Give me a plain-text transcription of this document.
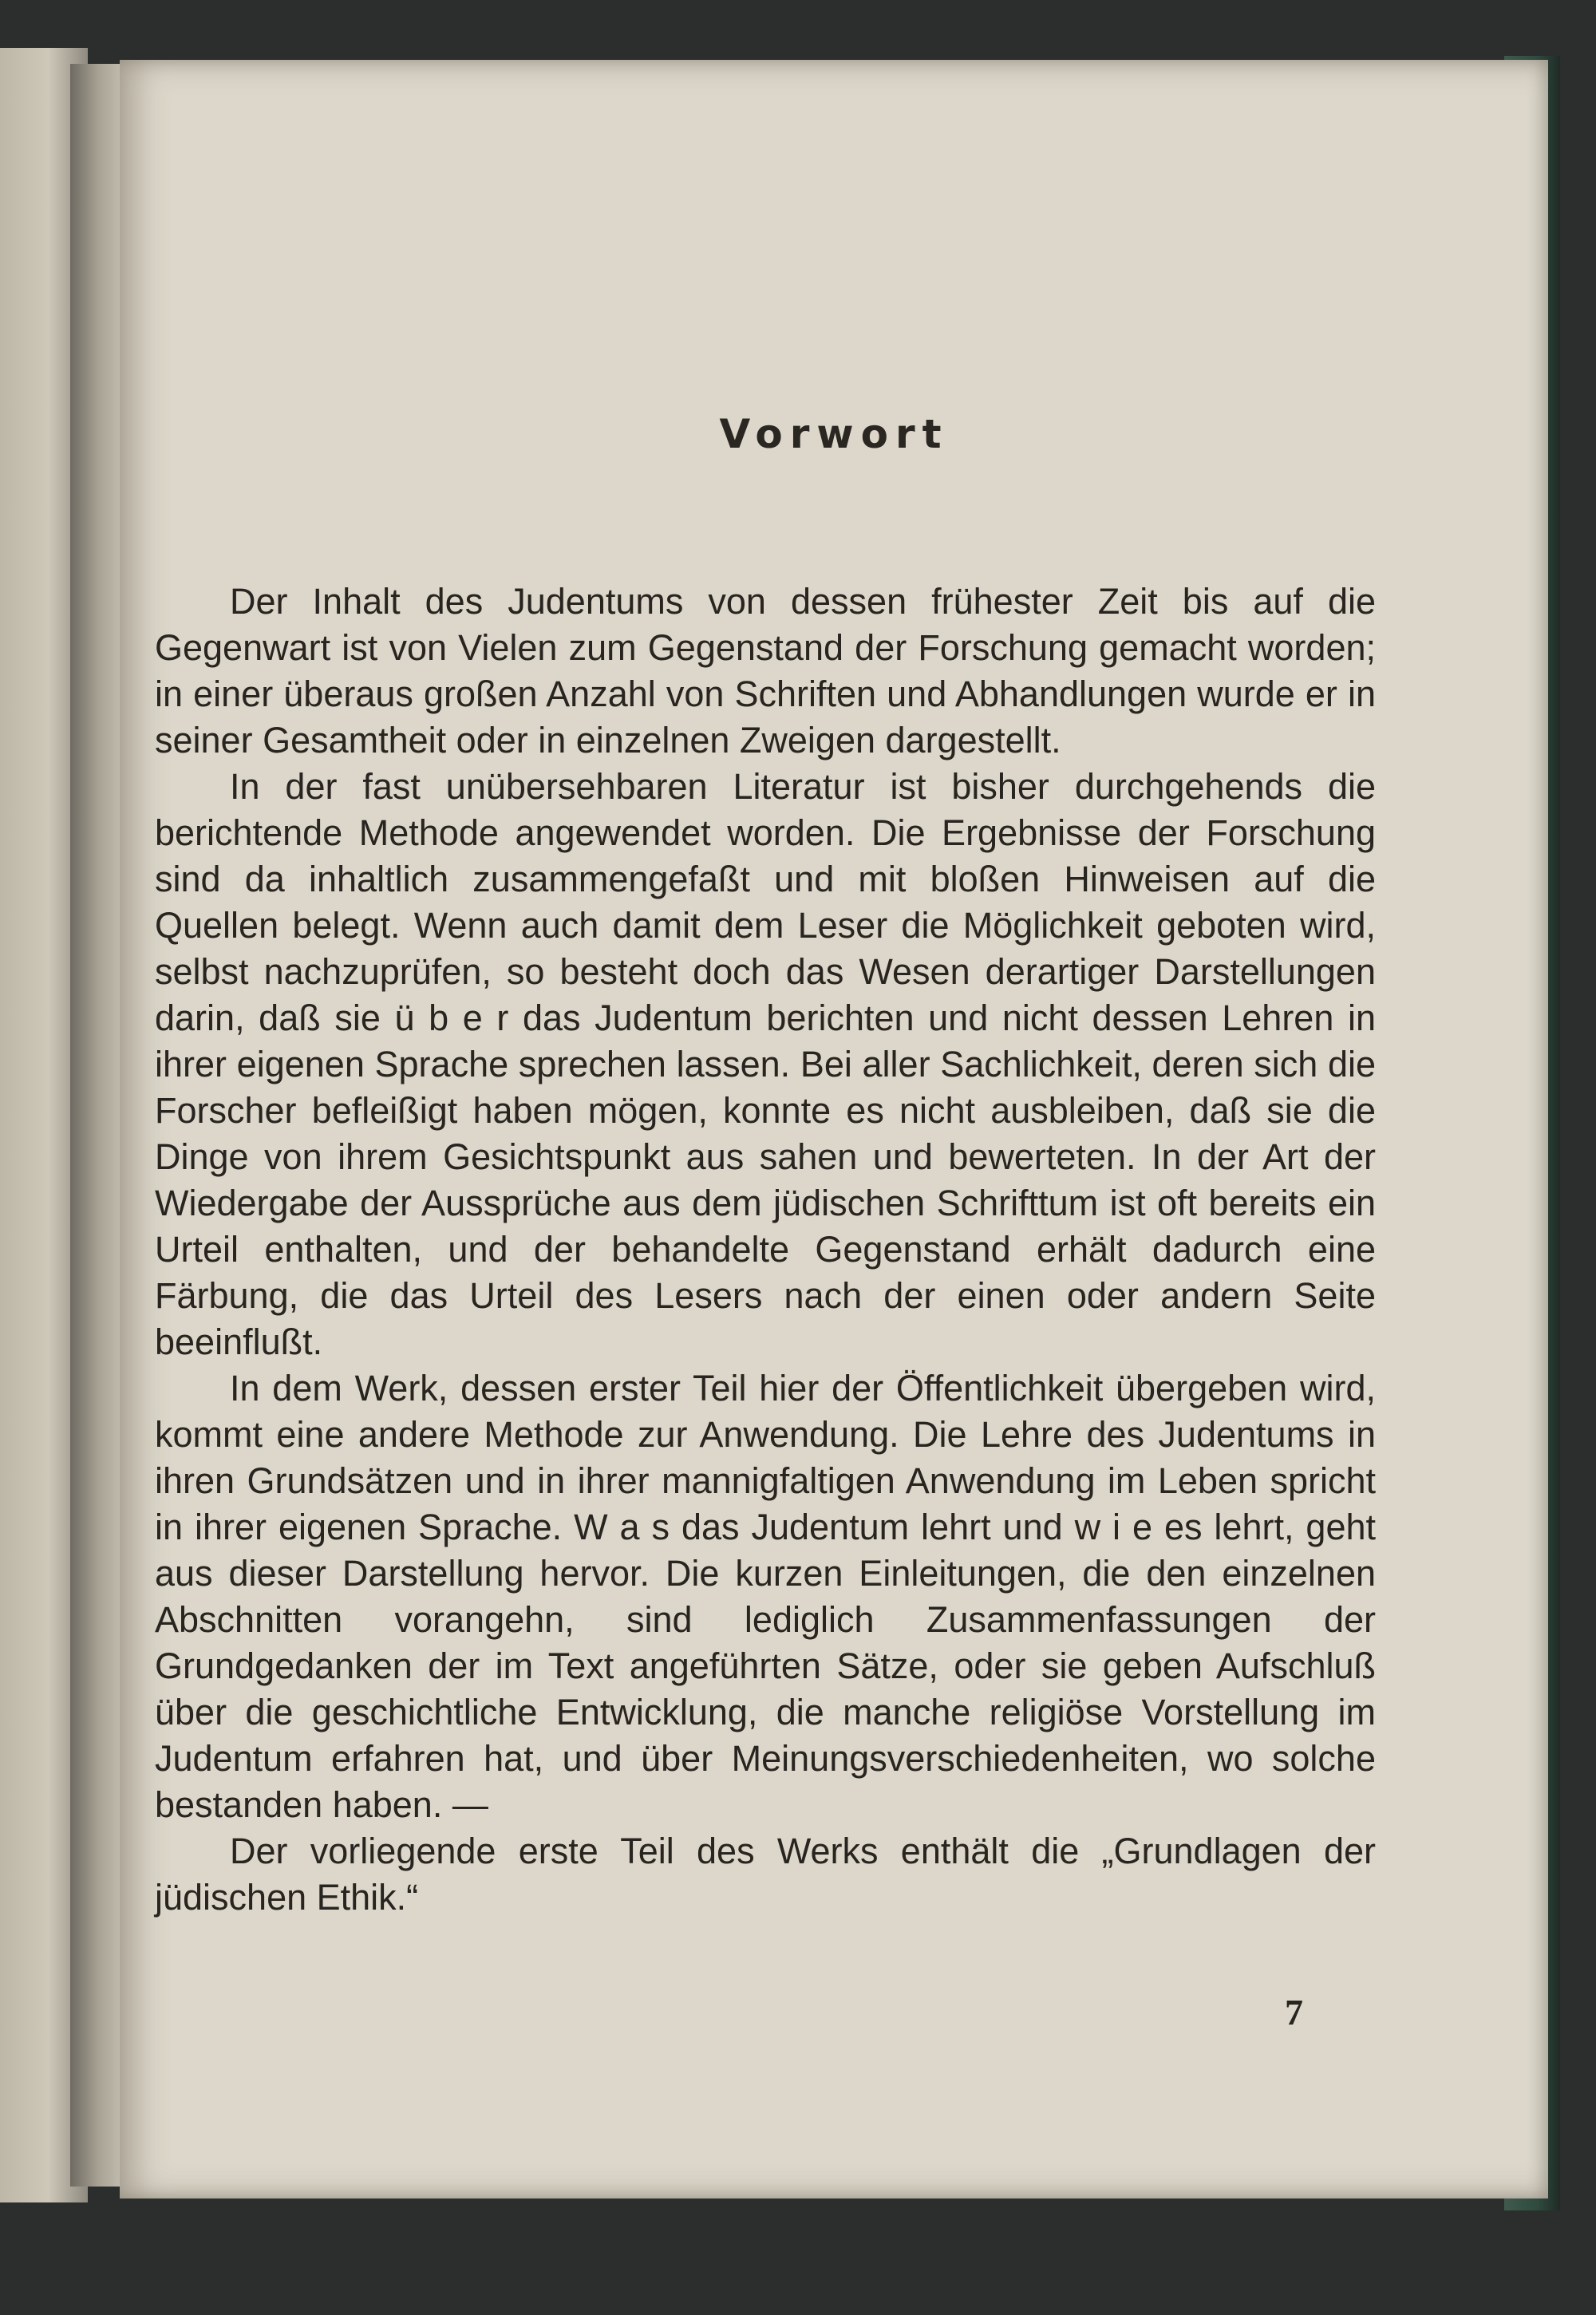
Vorwort

Der Inhalt des Judentums von dessen frühester Zeit bis auf die Gegenwart ist von Vielen zum Gegenstand der Forschung gemacht worden; in einer überaus großen Anzahl von Schriften und Abhandlungen wurde er in seiner Gesamtheit oder in einzelnen Zweigen dargestellt.

In der fast unübersehbaren Literatur ist bisher durchgehends die berichtende Methode angewendet worden. Die Ergebnisse der Forschung sind da inhaltlich zusammengefaßt und mit bloßen Hinweisen auf die Quellen belegt. Wenn auch damit dem Leser die Möglichkeit geboten wird, selbst nachzuprüfen, so besteht doch das Wesen derartiger Darstellungen darin, daß sie ü b e r das Judentum berichten und nicht dessen Lehren in ihrer eigenen Sprache sprechen lassen. Bei aller Sachlichkeit, deren sich die Forscher befleißigt haben mögen, konnte es nicht ausbleiben, daß sie die Dinge von ihrem Gesichtspunkt aus sahen und bewerteten. In der Art der Wiedergabe der Aussprüche aus dem jüdischen Schrifttum ist oft bereits ein Urteil enthalten, und der behandelte Gegenstand erhält dadurch eine Färbung, die das Urteil des Lesers nach der einen oder andern Seite beeinflußt.

In dem Werk, dessen erster Teil hier der Öffentlichkeit übergeben wird, kommt eine andere Methode zur Anwendung. Die Lehre des Judentums in ihren Grundsätzen und in ihrer mannigfaltigen Anwendung im Leben spricht in ihrer eigenen Sprache. W a s das Judentum lehrt und w i e es lehrt, geht aus dieser Darstellung hervor. Die kurzen Einleitungen, die den einzelnen Abschnitten vorangehn, sind lediglich Zusammenfassungen der Grundgedanken der im Text angeführten Sätze, oder sie geben Aufschluß über die geschichtliche Entwicklung, die manche religiöse Vorstellung im Judentum erfahren hat, und über Meinungsverschiedenheiten, wo solche bestanden haben. —

Der vorliegende erste Teil des Werks enthält die „Grundlagen der jüdischen Ethik.“

7
